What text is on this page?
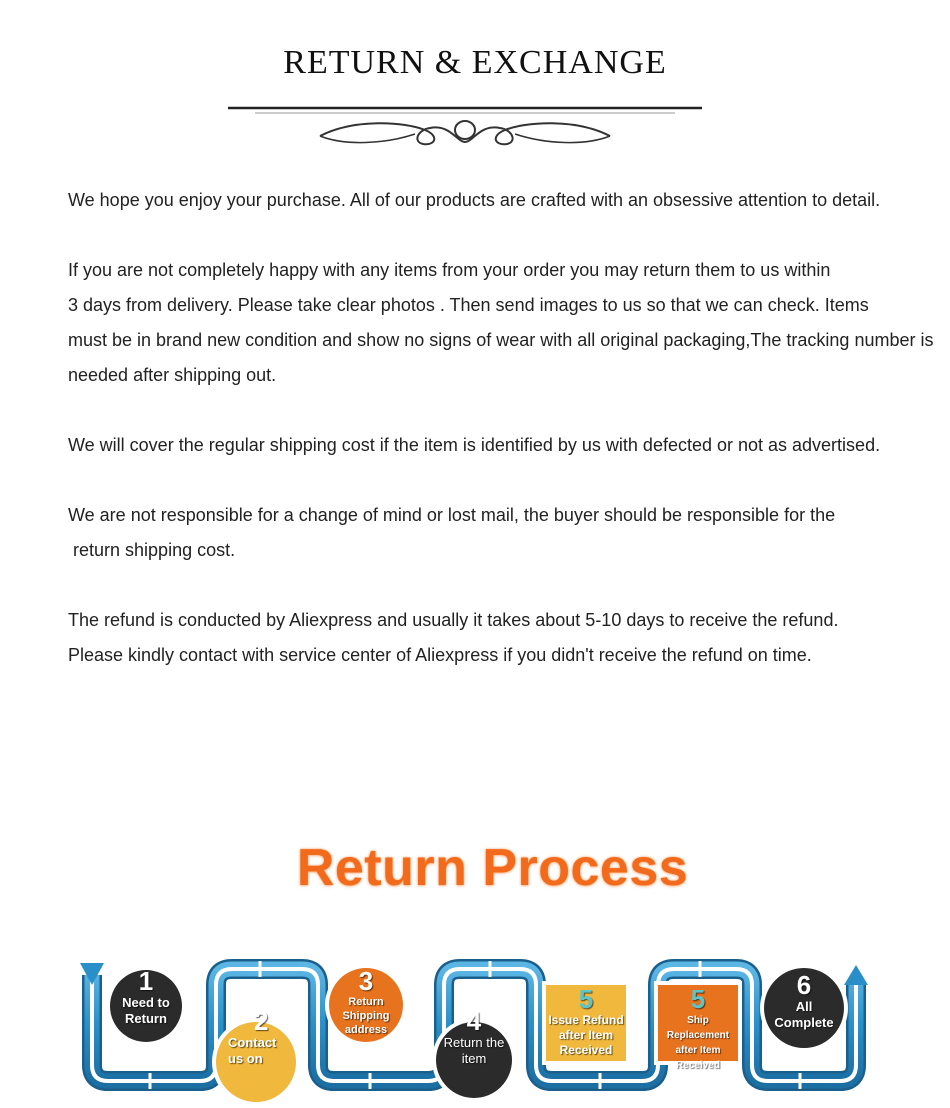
RETURN & EXCHANGE

We hope you enjoy your purchase. All of our products are crafted with an obsessive attention to detail.

If you are not completely happy with any items from your order you may return them to us within
3 days from delivery. Please take clear photos . Then send images to us so that we can check. Items
must be in brand new condition and show no signs of wear with all original packaging,The tracking number is needed after shipping out.

We will cover the regular shipping cost if the item is identified by us with defected or not as advertised.

We are not responsible for a change of mind or lost mail, the buyer should be responsible for the
return shipping cost.

The refund is conducted by Aliexpress and usually it takes about 5-10 days to receive the refund.
Please kindly contact with service center of Aliexpress if you didn't receive the refund on time.

Return Process
1
Need to Return	2
Contact us on
3
Return Shipping address	4
Return the item
5
Issue Refund after Item Received
5
Ship Replacement after Item Received
6
All Complete
